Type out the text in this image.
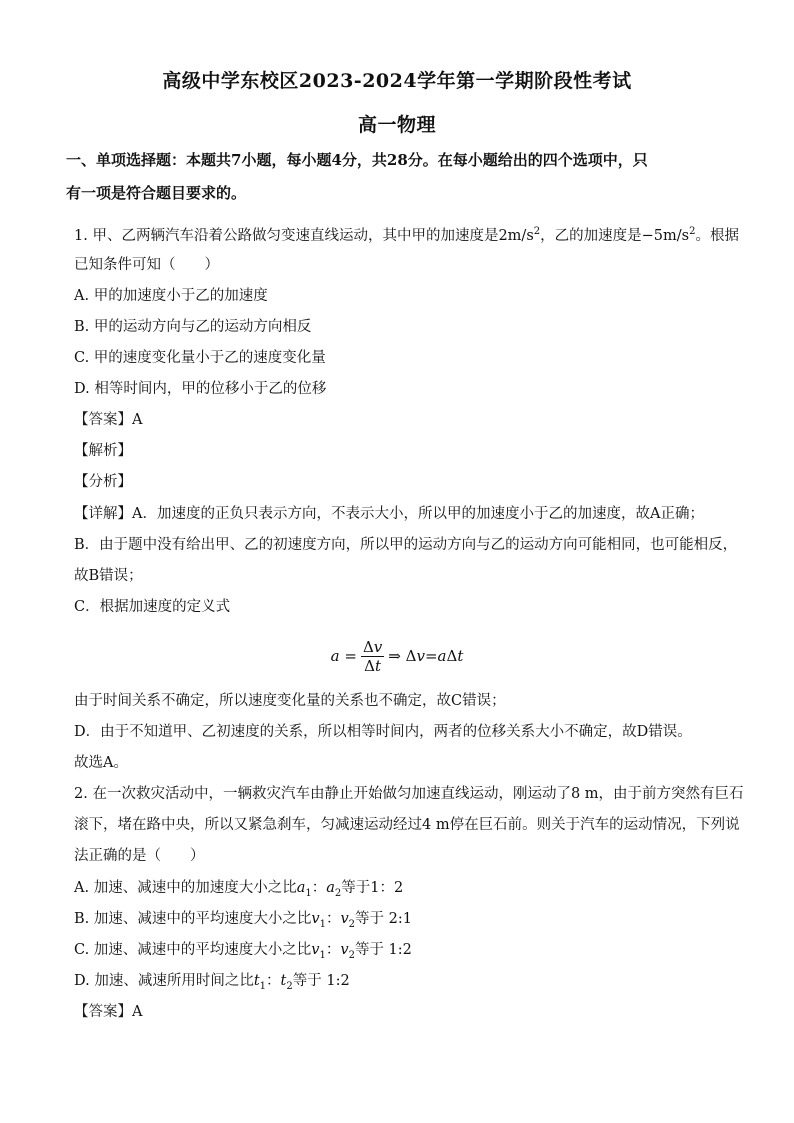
高级中学东校区2023-2024学年第一学期阶段性考试
高一物理
一、单项选择题：本题共7小题，每小题4分，共28分。在每小题给出的四个选项中，只
有一项是符合题目要求的。
1. 甲、乙两辆汽车沿着公路做匀变速直线运动，其中甲的加速度是$2m/s^2$，乙的加速度是$-5m/s^2$。根据
已知条件可知（　　）
A. 甲的加速度小于乙的加速度
B. 甲的运动方向与乙的运动方向相反
C. 甲的速度变化量小于乙的速度变化量
D. 相等时间内，甲的位移小于乙的位移
【答案】A
【解析】
【分析】
【详解】A．加速度的正负只表示方向，不表示大小，所以甲的加速度小于乙的加速度，故A正确；
B．由于题中没有给出甲、乙的初速度方向，所以甲的运动方向与乙的运动方向可能相同，也可能相反，
故B错误；
C．根据加速度的定义式
$a = \frac{\Delta v}{\Delta t}$ ⇒ Δ v = a Δ t
由于时间关系不确定，所以速度变化量的关系也不确定，故C错误；
D．由于不知道甲、乙初速度的关系，所以相等时间内，两者的位移关系大小不确定，故D错误。
故选A。
2. 在一次救灾活动中，一辆救灾汽车由静止开始做匀加速直线运动，刚运动了8 m，由于前方突然有巨石
滚下，堵在路中央，所以又紧急刹车，匀减速运动经过4 m停在巨石前。则关于汽车的运动情况，下列说
法正确的是（　　）
A. 加速、减速中的加速度大小之比$a_1$：$a_2$等于1：2
B. 加速、减速中的平均速度大小之比$v_1$：$v_2$等于 2:1
C. 加速、减速中的平均速度大小之比$v_1$：$v_2$等于 1:2
D. 加速、减速所用时间之比$t_1$：$t_2$等于 1:2
【答案】A
